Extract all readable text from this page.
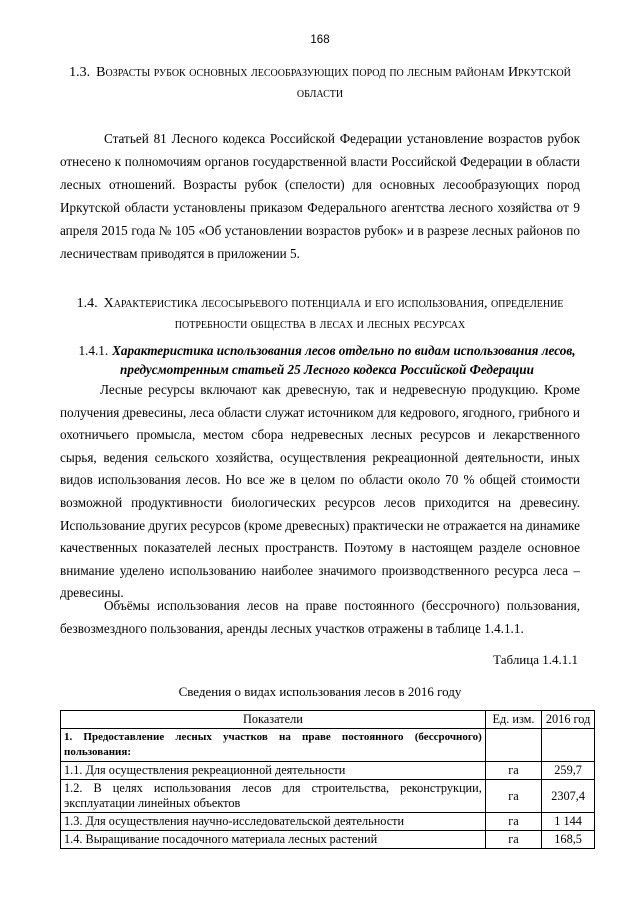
168
1.3. Возрасты рубок основных лесообразующих пород по лесным районам Иркутской области
Статьей 81 Лесного кодекса Российской Федерации установление возрастов рубок отнесено к полномочиям органов государственной власти Российской Федерации в области лесных отношений. Возрасты рубок (спелости) для основных лесообразующих пород Иркутской области установлены приказом Федерального агентства лесного хозяйства от 9 апреля 2015 года № 105 «Об установлении возрастов рубок» и в разрезе лесных районов по лесничествам приводятся в приложении 5.
1.4. Характеристика лесосырьевого потенциала и его использования, определение потребности общества в лесах и лесных ресурсах
1.4.1. Характеристика использования лесов отдельно по видам использования лесов, предусмотренным статьей 25 Лесного кодекса Российской Федерации
Лесные ресурсы включают как древесную, так и недревесную продукцию. Кроме получения древесины, леса области служат источником для кедрового, ягодного, грибного и охотничьего промысла, местом сбора недревесных лесных ресурсов и лекарственного сырья, ведения сельского хозяйства, осуществления рекреационной деятельности, иных видов использования лесов. Но все же в целом по области около 70 % общей стоимости возможной продуктивности биологических ресурсов лесов приходится на древесину. Использование других ресурсов (кроме древесных) практически не отражается на динамике качественных показателей лесных пространств. Поэтому в настоящем разделе основное внимание уделено использованию наиболее значимого производственного ресурса леса – древесины.
Объёмы использования лесов на праве постоянного (бессрочного) пользования, безвозмездного пользования, аренды лесных участков отражены в таблице 1.4.1.1.
Таблица 1.4.1.1
Сведения о видах использования лесов в 2016 году
Показатели	Ед. изм.	2016 год
1. Предоставление лесных участков на праве постоянного (бессрочного) пользования:		
1.1. Для осуществления рекреационной деятельности	га	259,7
1.2. В целях использования лесов для строительства, реконструкции, эксплуатации линейных объектов	га	2307,4
1.3. Для осуществления научно-исследовательской деятельности	га	1 144
1.4. Выращивание посадочного материала лесных растений	га	168,5
